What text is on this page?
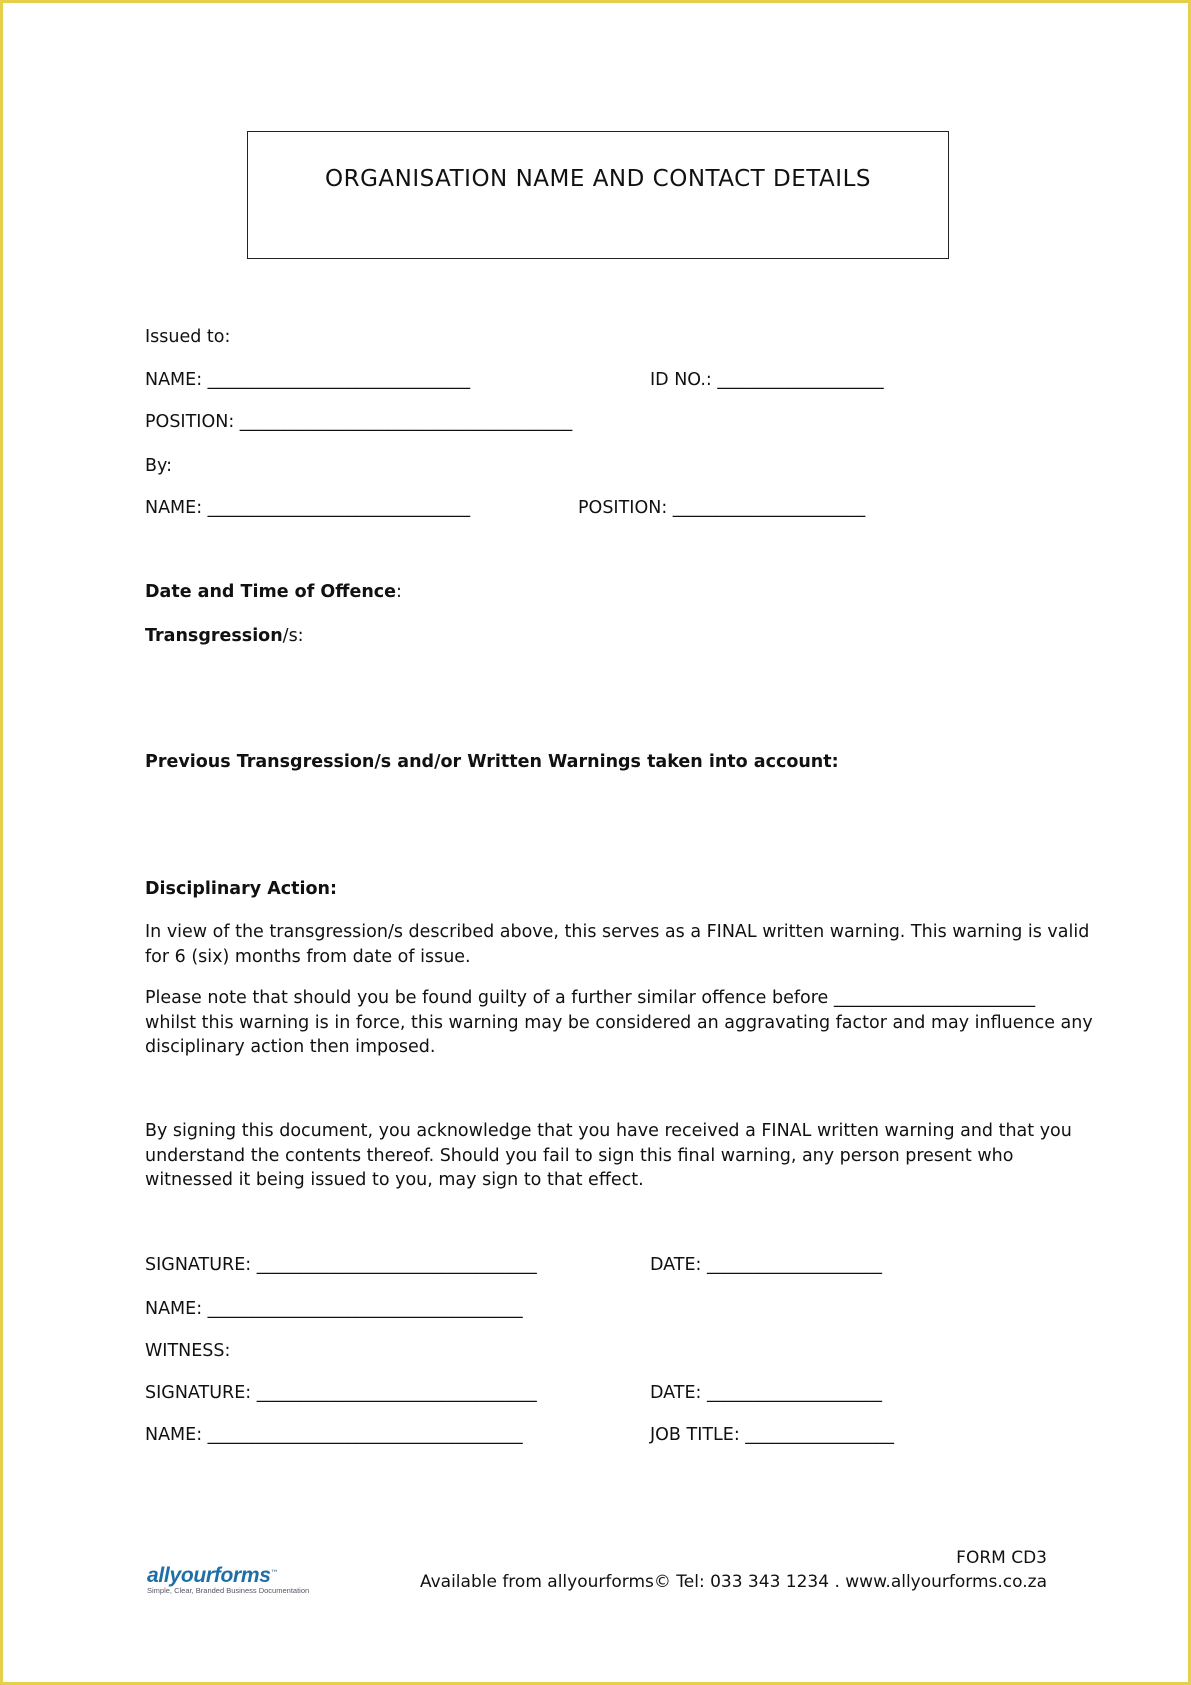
ORGANISATION NAME AND CONTACT DETAILS
Issued to:
NAME: ______________________________	ID NO.: ___________________
POSITION: ______________________________________
By:
NAME: ______________________________	POSITION: ______________________
Date and Time of Offence:
Transgression/s:
Previous Transgression/s and/or Written Warnings taken into account:
Disciplinary Action:
In view of the transgression/s described above, this serves as a FINAL written warning. This warning is valid
for 6 (six) months from date of issue.
Please note that should you be found guilty of a further similar offence before _______________________
whilst this warning is in force, this warning may be considered an aggravating factor and may influence any
disciplinary action then imposed.
By signing this document, you acknowledge that you have received a FINAL written warning and that you
understand the contents thereof. Should you fail to sign this final warning, any person present who
witnessed it being issued to you, may sign to that effect.
SIGNATURE: ________________________________	DATE: ____________________
NAME: ____________________________________
WITNESS:
SIGNATURE: ________________________________	DATE: ____________________
NAME: ____________________________________	JOB TITLE: _________________
allyourforms™
Simple, Clear, Branded Business Documentation
FORM CD3
Available from allyourforms© Tel: 033 343 1234 . www.allyourforms.co.za
